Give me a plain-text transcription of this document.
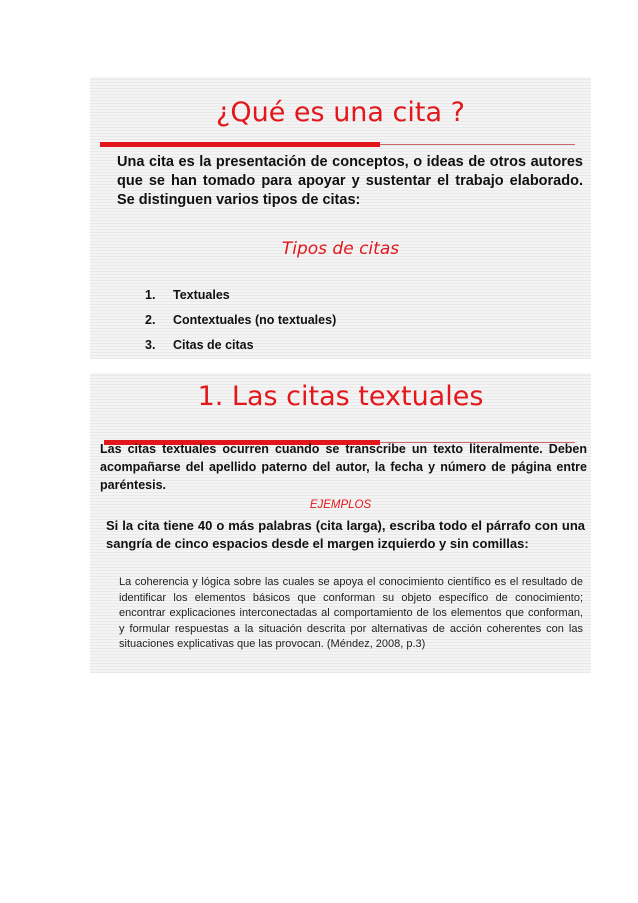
¿Qué es una cita ?

Una cita es la presentación de conceptos, o ideas de otros autores que se han tomado para apoyar y sustentar el trabajo elaborado. Se distinguen varios tipos de citas:

Tipos de citas
1. Textuales
2. Contextuales (no textuales)
3. Citas de citas
1. Las citas textuales

Las citas textuales ocurren cuando se transcribe un texto literalmente. Deben acompañarse del apellido paterno del autor, la fecha y número de página entre paréntesis.

EJEMPLOS

Si la cita tiene 40 o más palabras (cita larga), escriba todo el párrafo con una sangría de cinco espacios desde el margen izquierdo y sin comillas:

La coherencia y lógica sobre las cuales se apoya el conocimiento científico es el resultado de identificar los elementos básicos que conforman su objeto específico de conocimiento; encontrar explicaciones interconectadas al comportamiento de los elementos que conforman, y formular respuestas a la situación descrita por alternativas de acción coherentes con las situaciones explicativas que las provocan. (Méndez, 2008, p.3)
